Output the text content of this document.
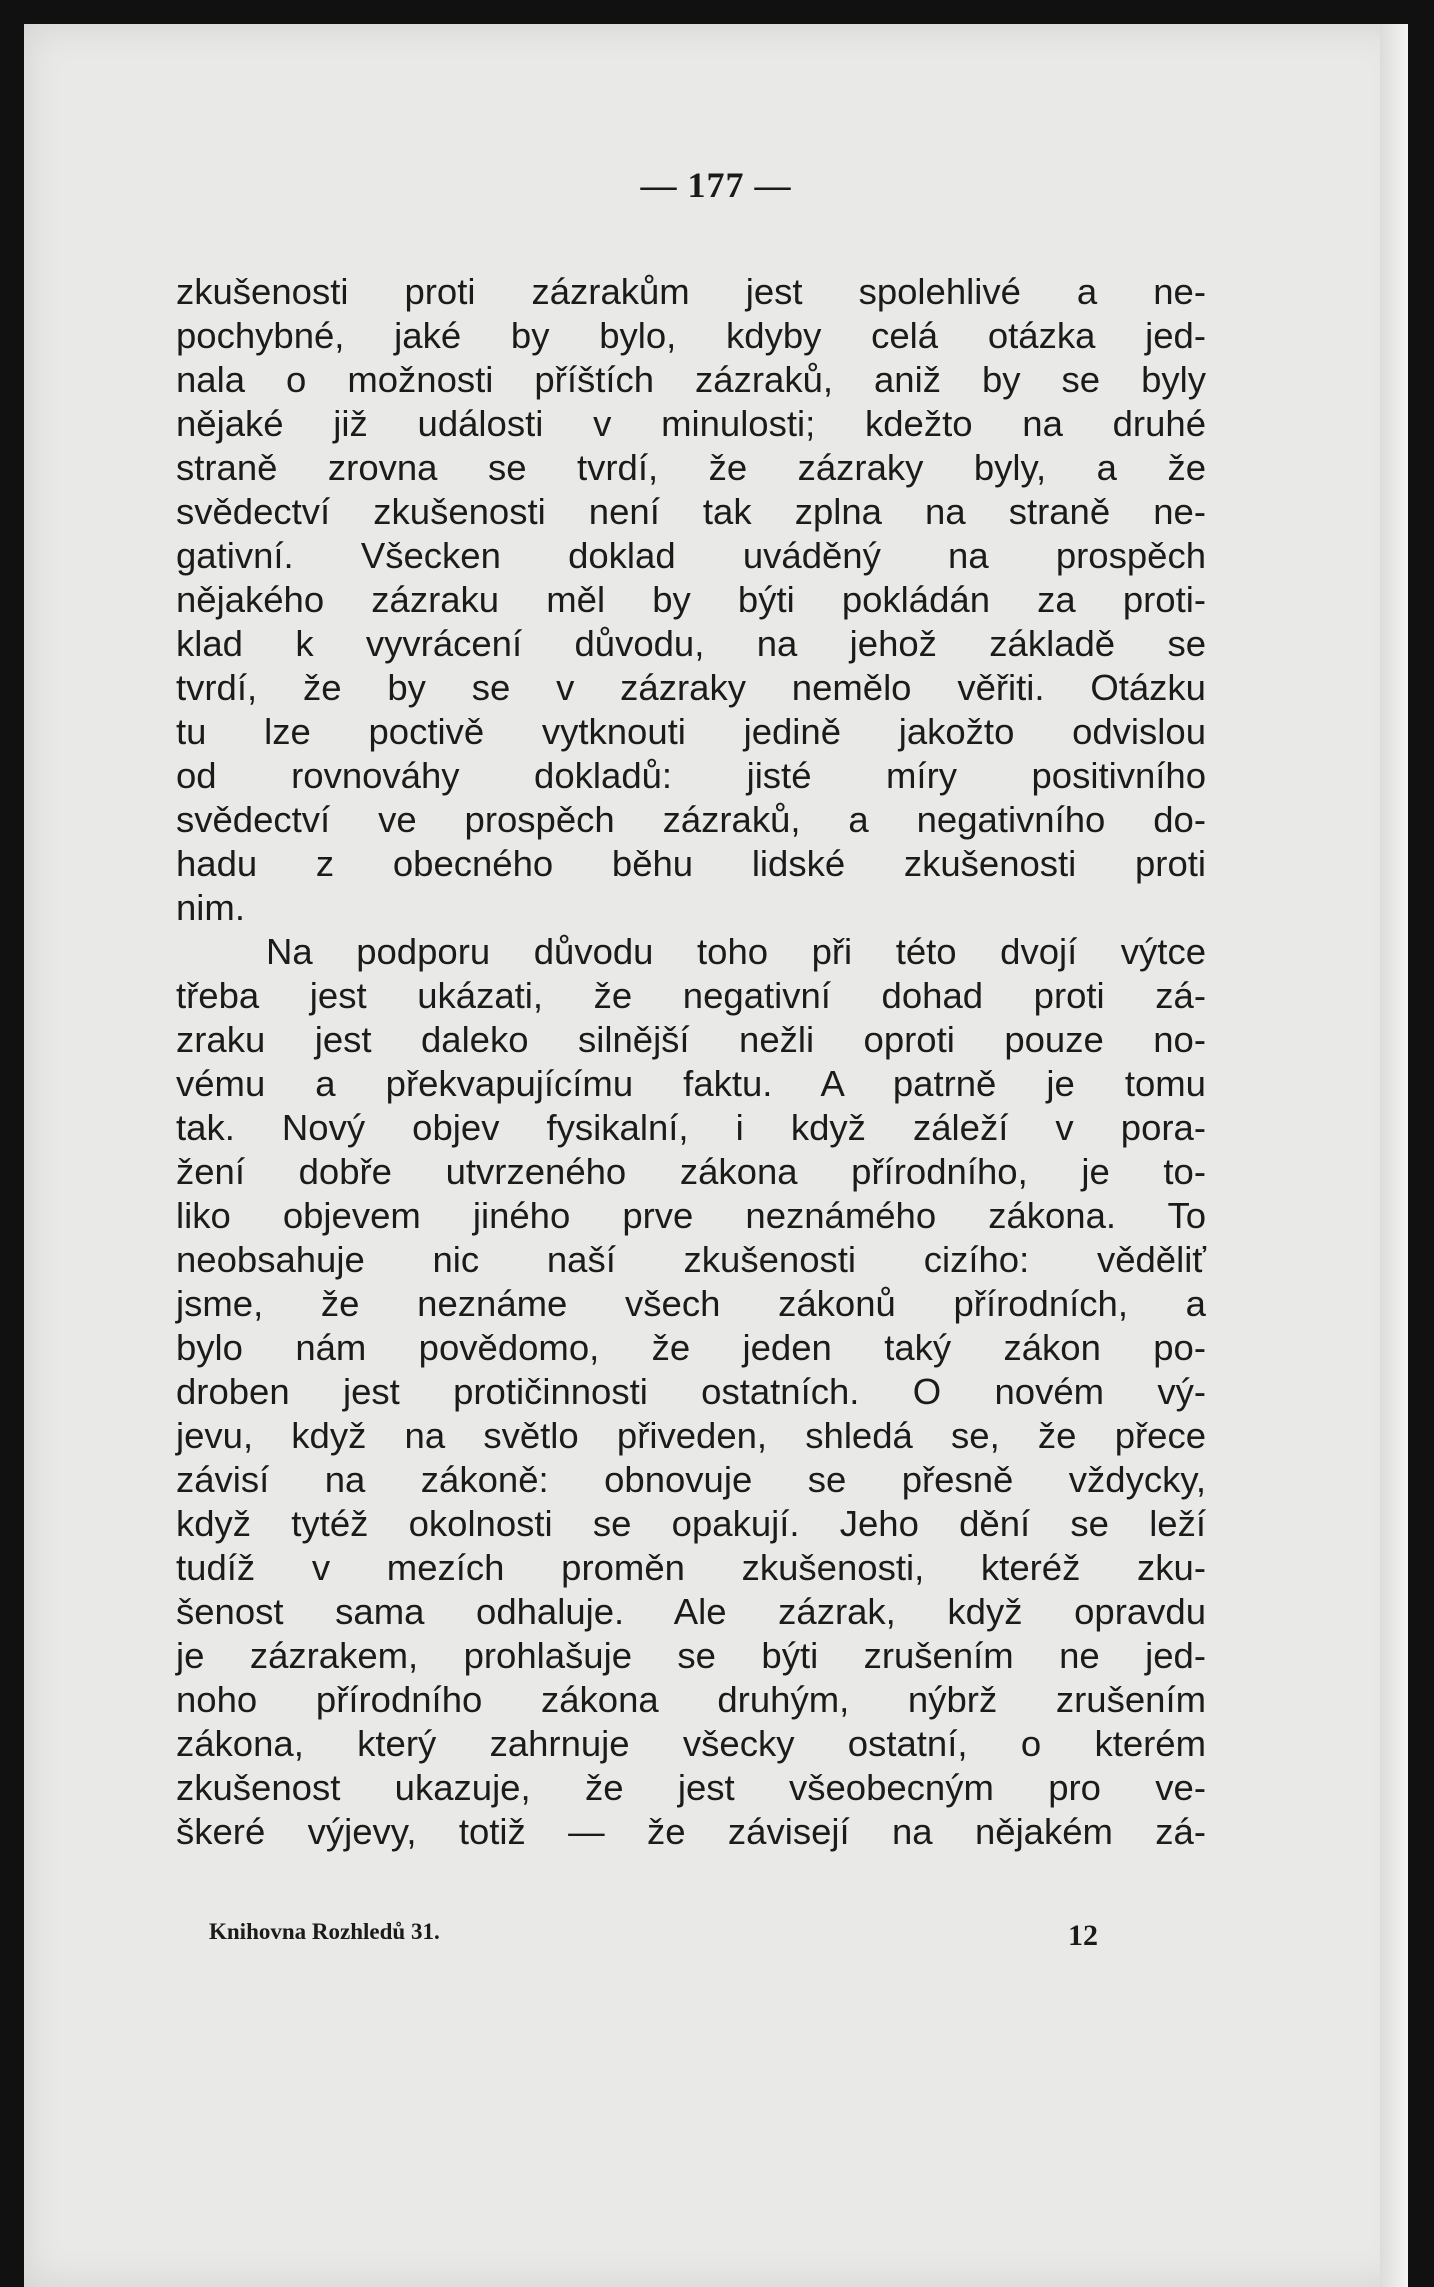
— 177 —
zkušenosti proti zázrakům jest spolehlivé a ne-
pochybné, jaké by bylo, kdyby celá otázka jed-
nala o možnosti příštích zázraků, aniž by se byly
nějaké již události v minulosti; kdežto na druhé
straně zrovna se tvrdí, že zázraky byly, a že
svědectví zkušenosti není tak zplna na straně ne-
gativní. Všecken doklad uváděný na prospěch
nějakého zázraku měl by býti pokládán za proti-
klad k vyvrácení důvodu, na jehož základě se
tvrdí, že by se v zázraky nemělo věřiti. Otázku
tu lze poctivě vytknouti jedině jakožto odvislou
od rovnováhy dokladů: jisté míry positivního
svědectví ve prospěch zázraků, a negativního do-
hadu z obecného běhu lidské zkušenosti proti
nim.
Na podporu důvodu toho při této dvojí výtce
třeba jest ukázati, že negativní dohad proti zá-
zraku jest daleko silnější nežli oproti pouze no-
vému a překvapujícímu faktu. A patrně je tomu
tak. Nový objev fysikalní, i když záleží v pora-
žení dobře utvrzeného zákona přírodního, je to-
liko objevem jiného prve neznámého zákona. To
neobsahuje nic naší zkušenosti cizího: věděliť
jsme, že neznáme všech zákonů přírodních, a
bylo nám povědomo, že jeden taký zákon po-
droben jest protičinnosti ostatních. O novém vý-
jevu, když na světlo přiveden, shledá se, že přece
závisí na zákoně: obnovuje se přesně vždycky,
když tytéž okolnosti se opakují. Jeho dění se leží
tudíž v mezích proměn zkušenosti, kteréž zku-
šenost sama odhaluje. Ale zázrak, když opravdu
je zázrakem, prohlašuje se býti zrušením ne jed-
noho přírodního zákona druhým, nýbrž zrušením
zákona, který zahrnuje všecky ostatní, o kterém
zkušenost ukazuje, že jest všeobecným pro ve-
škeré výjevy, totiž — že závisejí na nějakém zá-
Knihovna Rozhledů 31.	12
